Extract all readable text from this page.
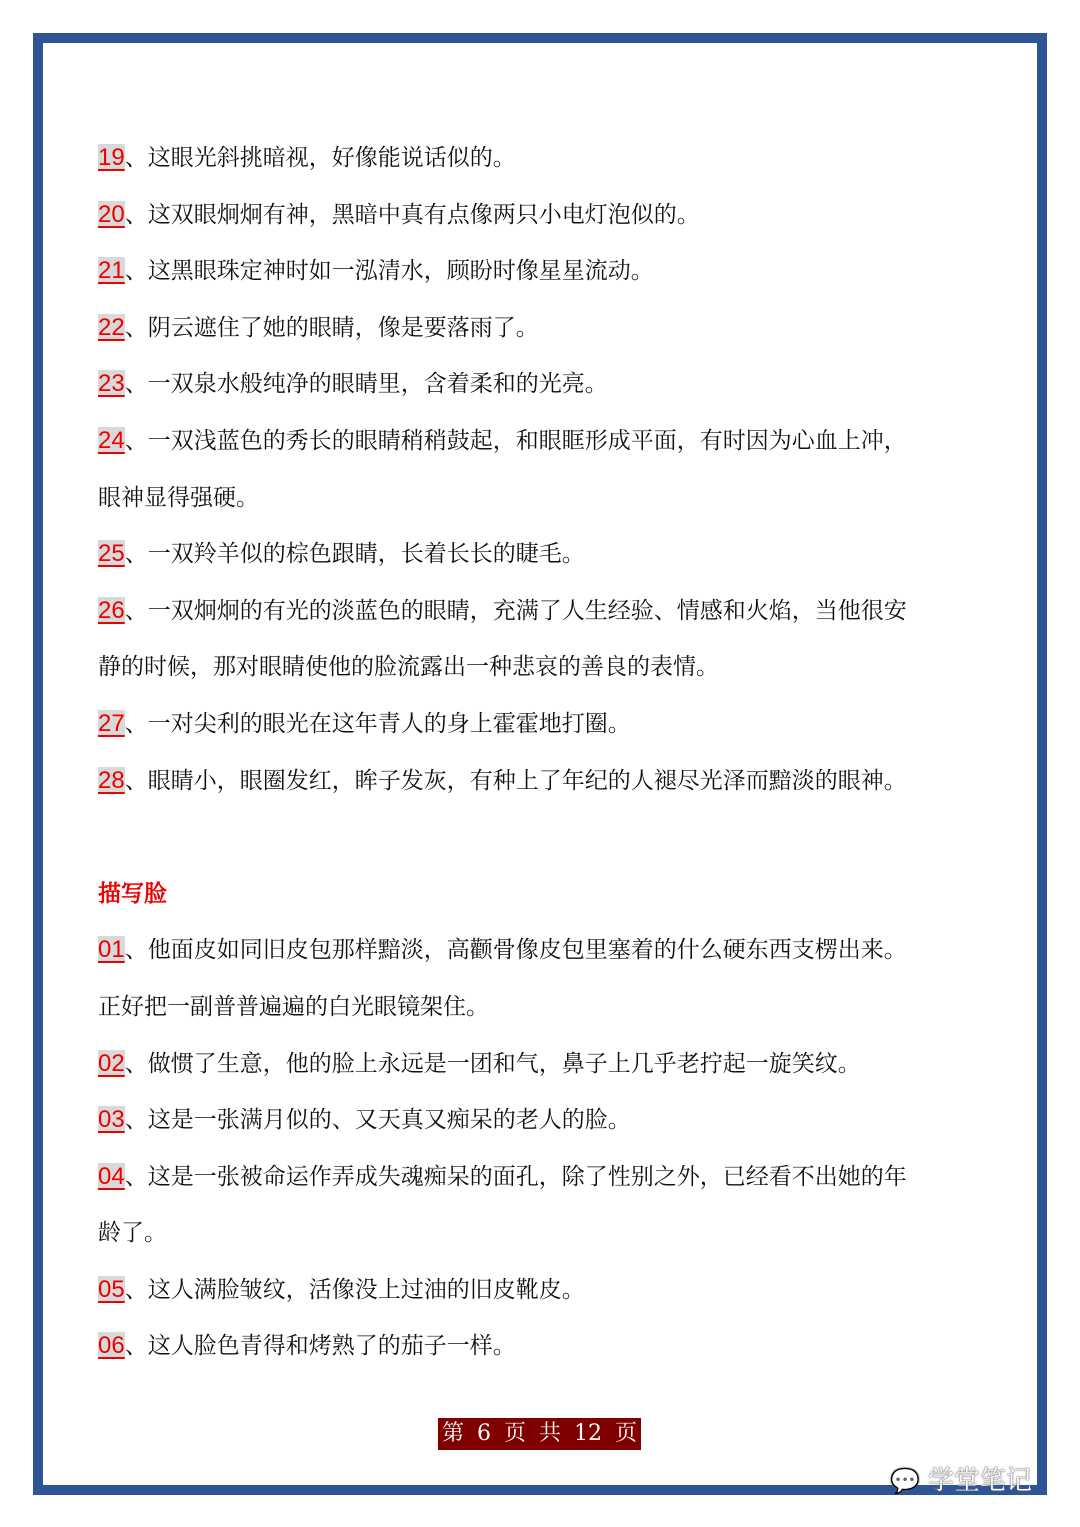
19、这眼光斜挑暗视，好像能说话似的。
20、这双眼炯炯有神，黑暗中真有点像两只小电灯泡似的。
21、这黑眼珠定神时如一泓清水，顾盼时像星星流动。
22、阴云遮住了她的眼睛，像是要落雨了。
23、一双泉水般纯净的眼睛里，含着柔和的光亮。
24、一双浅蓝色的秀长的眼睛稍稍鼓起，和眼眶形成平面，有时因为心血上冲，
眼神显得强硬。
25、一双羚羊似的棕色跟睛，长着长长的睫毛。
26、一双炯炯的有光的淡蓝色的眼睛，充满了人生经验、情感和火焰，当他很安
静的时候，那对眼睛使他的脸流露出一种悲哀的善良的表情。
27、一对尖利的眼光在这年青人的身上霍霍地打圈。
28、眼睛小，眼圈发红，眸子发灰，有种上了年纪的人褪尽光泽而黯淡的眼神。
描写脸
01、他面皮如同旧皮包那样黯淡，高颧骨像皮包里塞着的什么硬东西支楞出来。
正好把一副普普遍遍的白光眼镜架住。
02、做惯了生意，他的脸上永远是一团和气，鼻子上几乎老拧起一旋笑纹。
03、这是一张满月似的、又天真又痴呆的老人的脸。
04、这是一张被命运作弄成失魂痴呆的面孔，除了性别之外，已经看不出她的年
龄了。
05、这人满脸皱纹，活像没上过油的旧皮靴皮。
06、这人脸色青得和烤熟了的茄子一样。
第 6 页 共 12 页
💬 学堂笔记
